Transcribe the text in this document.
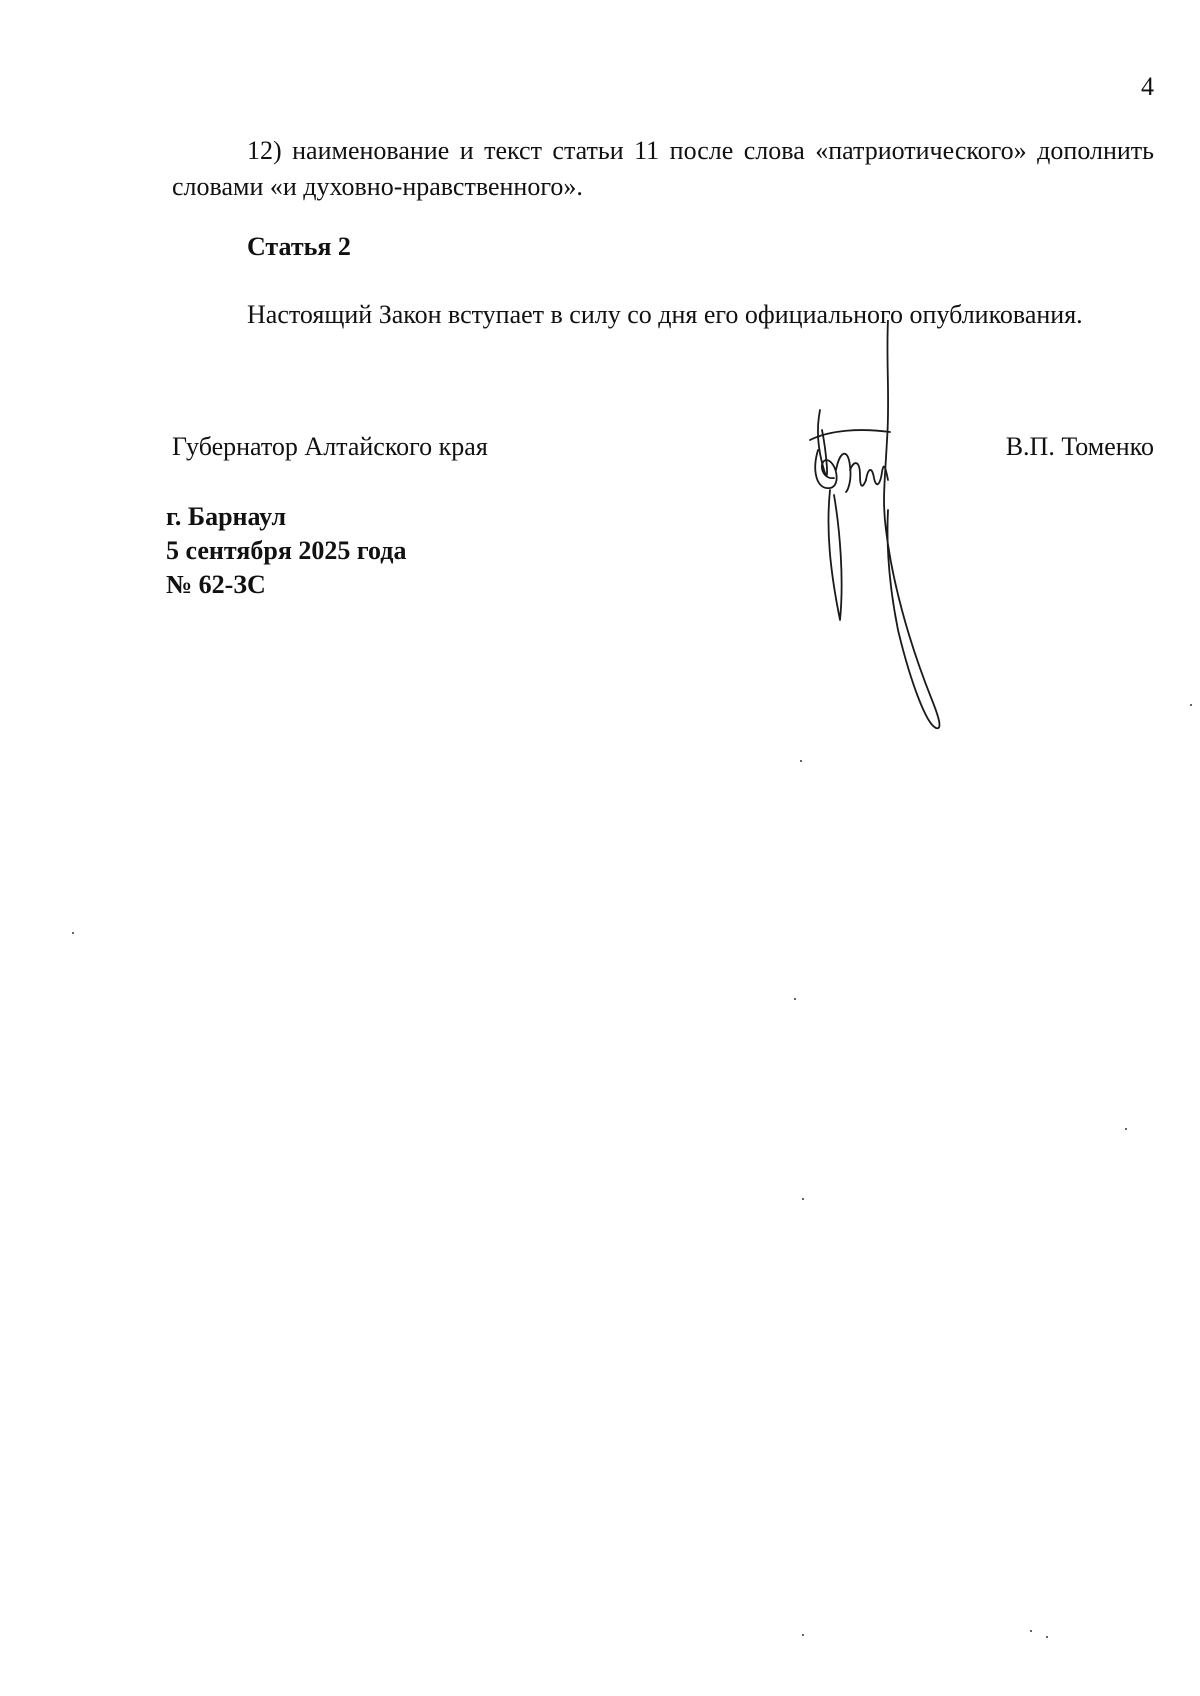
4

12) наименование и текст статьи 11 после слова «патриотического» дополнить словами «и духовно-нравственного».

Статья 2
Настоящий Закон вступает в силу со дня его официального опубликования.
Губернатор Алтайского края	В.П. Томенко
г. Барнаул
5 сентября 2025 года
№ 62-ЗС
